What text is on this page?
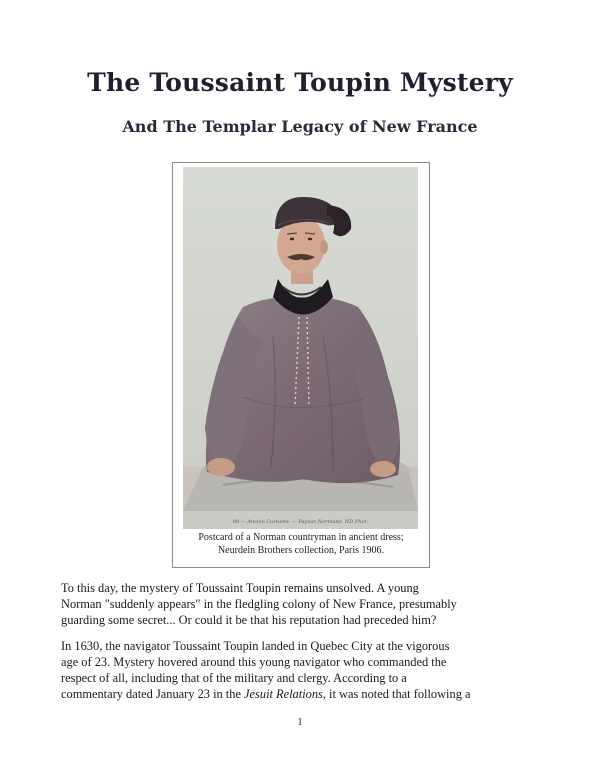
The Toussaint Toupin Mystery
And The Templar Legacy of New France
80 — Ancien Costume. — Paysan Normand. ND Phot.
Postcard of a Norman countryman in ancient dress;
Neurdein Brothers collection, Paris 1906.
To this day, the mystery of Toussaint Toupin remains unsolved. A young
Norman "suddenly appears" in the fledgling colony of New France, presumably
guarding some secret... Or could it be that his reputation had preceded him?
In 1630, the navigator Toussaint Toupin landed in Quebec City at the vigorous
age of 23. Mystery hovered around this young navigator who commanded the
respect of all, including that of the military and clergy. According to a
commentary dated January 23 in the Jesuit Relations, it was noted that following a
1
